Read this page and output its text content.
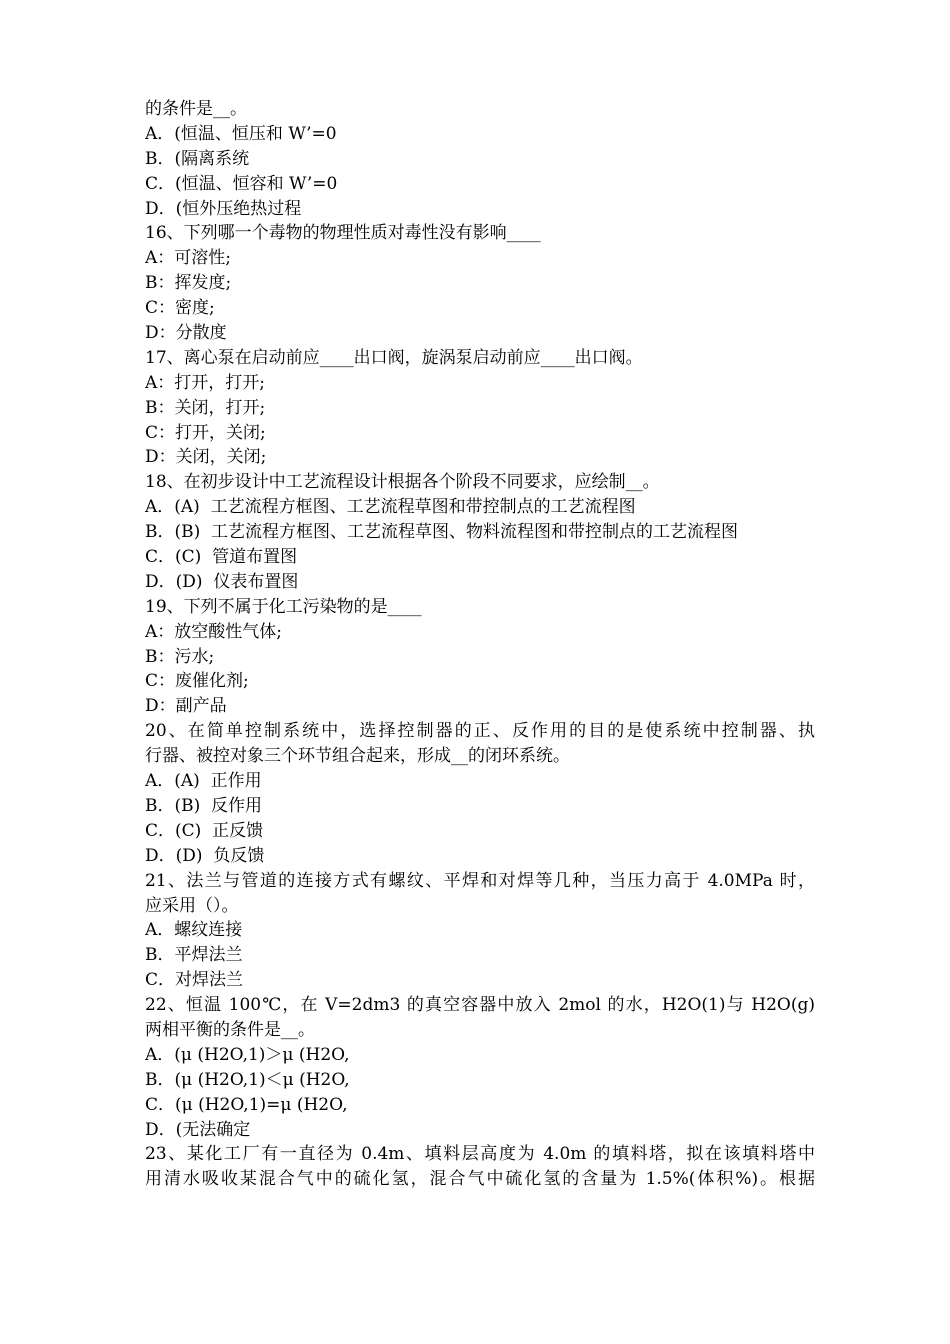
的条件是__。
A．(恒温、恒压和 W’=0
B．(隔离系统
C．(恒温、恒容和 W’=0
D．(恒外压绝热过程
16、下列哪一个毒物的物理性质对毒性没有影响____
A：可溶性;
B：挥发度;
C：密度;
D：分散度
17、离心泵在启动前应____出口阀，旋涡泵启动前应____出口阀。
A：打开，打开;
B：关闭，打开;
C：打开，关闭;
D：关闭，关闭;
18、在初步设计中工艺流程设计根据各个阶段不同要求，应绘制__。
A．(A)  工艺流程方框图、工艺流程草图和带控制点的工艺流程图
B．(B)  工艺流程方框图、工艺流程草图、物料流程图和带控制点的工艺流程图
C．(C)  管道布置图
D．(D)  仪表布置图
19、下列不属于化工污染物的是____
A：放空酸性气体;
B：污水;
C：废催化剂;
D：副产品
20、在简单控制系统中，选择控制器的正、反作用的目的是使系统中控制器、执
行器、被控对象三个环节组合起来，形成__的闭环系统。
A．(A)  正作用
B．(B)  反作用
C．(C)  正反馈
D．(D)  负反馈
21、法兰与管道的连接方式有螺纹、平焊和对焊等几种，当压力高于 4.0MPa 时，
应采用（）。
A．螺纹连接
B．平焊法兰
C．对焊法兰
22、恒温 100℃，在 V=2dm3 的真空容器中放入 2mol 的水，H2O(1)与 H2O(g)
两相平衡的条件是__。
A．(μ (H2O,1)＞μ (H2O,
B．(μ (H2O,1)＜μ (H2O,
C．(μ (H2O,1)=μ (H2O,
D．(无法确定
23、某化工厂有一直径为 0.4m、填料层高度为 4.0m 的填料塔，拟在该填料塔中
用清水吸收某混合气中的硫化氢，混合气中硫化氢的含量为 1.5%(体积%)。根据
